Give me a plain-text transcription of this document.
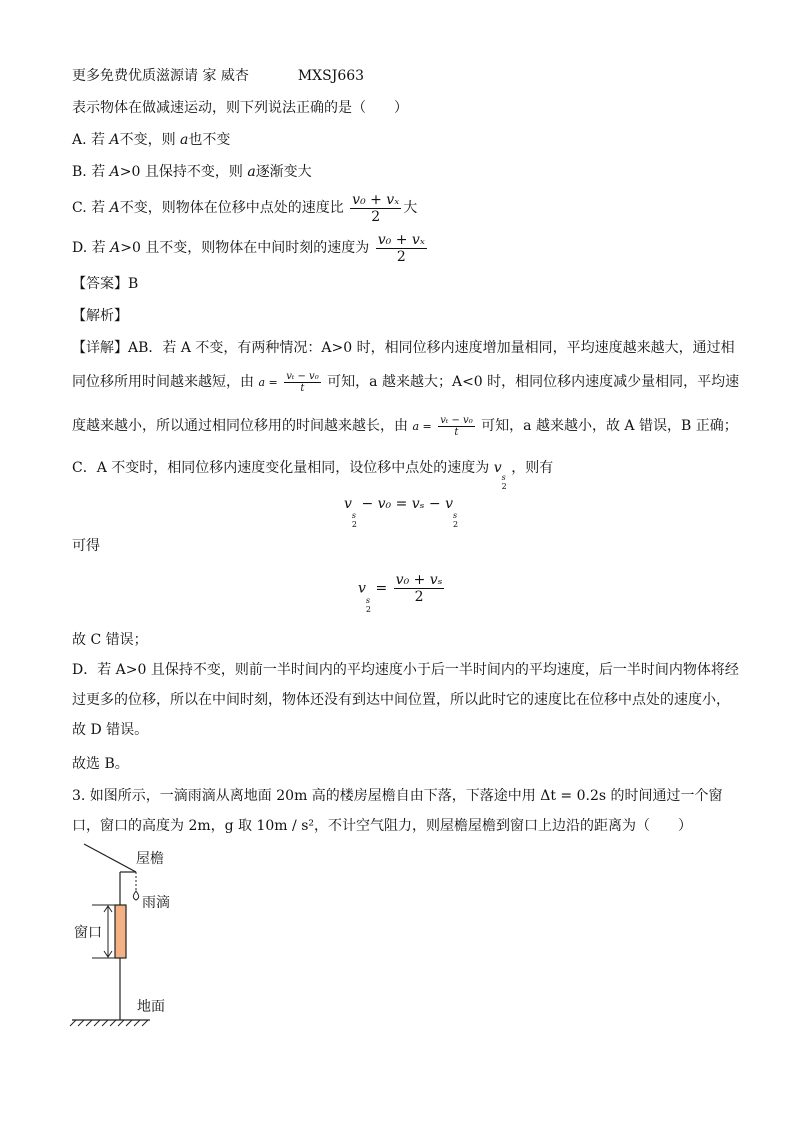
更多免费优质滋源请 家 威杏	MXSJ663
表示物体在做减速运动，则下列说法正确的是（　　）
A. 若 A不变，则 a也不变
B. 若 A>0 且保持不变，则 a逐渐变大
C. 若 A不变，则物体在位移中点处的速度比 $\frac{\text{v₀ + vₓ}}{2}$ 大
D. 若 A>0 且不变，则物体在中间时刻的速度为 $\frac{\text{v₀ + vₓ}}{2}$
【答案】B
【解析】
【详解】AB．若 A 不变，有两种情况：A>0 时，相同位移内速度增加量相同，平均速度越来越大，通过相
同位移所用时间越来越短，由 $a = \frac{\text{vₜ − v₀}}{t}$ 可知，a 越来越大；A<0 时，相同位移内速度减少量相同，平均速
度越来越小，所以通过相同位移用的时间越来越长，由 $a = \frac{\text{vₜ − v₀}}{t}$ 可知，a 越来越小，故 A 错误，B 正确；
C．A 不变时，相同位移内速度变化量相同，设位移中点处的速度为 v
s
2
，则有
v
s
2
− v₀ = vₛ − v
s
2
可得
v
s
2
= $\frac{\text{v₀ + vₛ}}{2}$
故 C 错误；
D．若 A>0 且保持不变，则前一半时间内的平均速度小于后一半时间内的平均速度，后一半时间内物体将经
过更多的位移，所以在中间时刻，物体还没有到达中间位置，所以此时它的速度比在位移中点处的速度小，
故 D 错误。
故选 B。
3. 如图所示，一滴雨滴从离地面 20m 高的楼房屋檐自由下落，下落途中用 Δt = 0.2s 的时间通过一个窗
口，窗口的高度为 2m，g 取 10m / s²，不计空气阻力，则屋檐屋檐到窗口上边沿的距离为（　　）
屋檐
雨滴
窗口
地面
